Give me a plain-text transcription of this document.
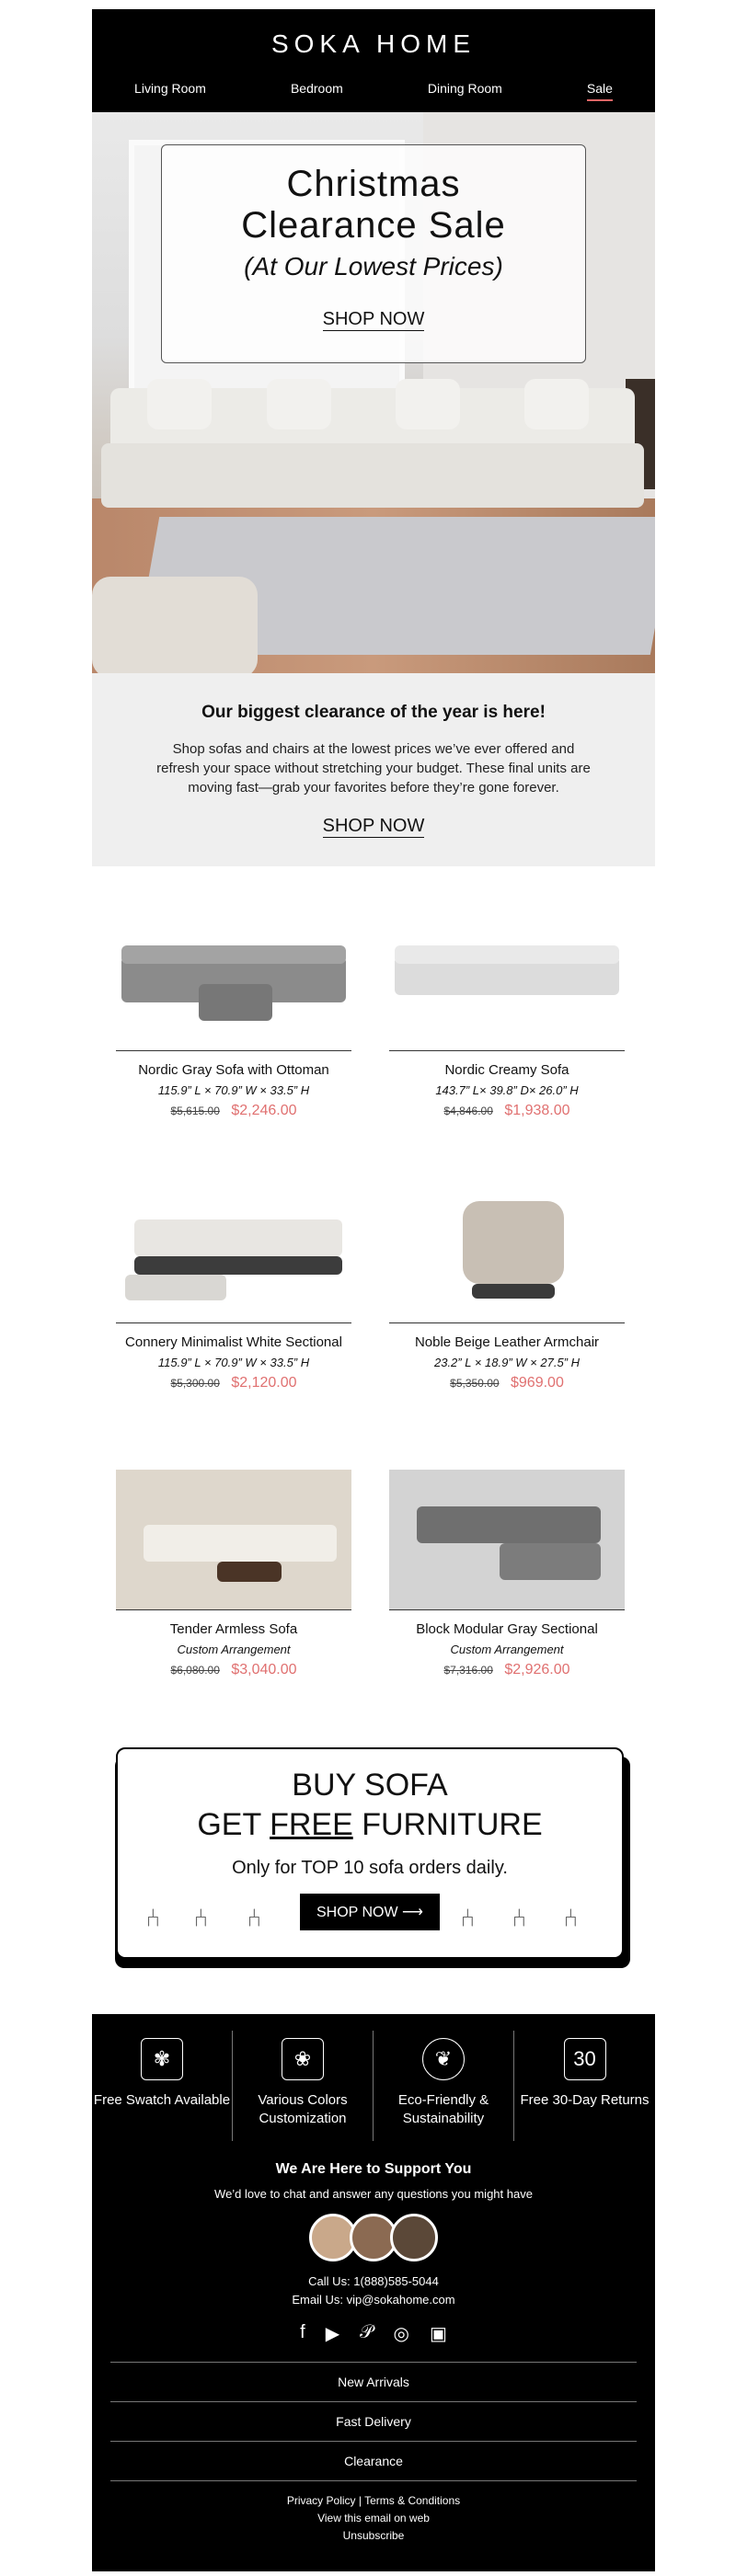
SOKA HOME
Living Room	Bedroom	Dining Room	Sale
Christmas
Clearance Sale
(At Our Lowest Prices)
SHOP NOW
Our biggest clearance of the year is here!

Shop sofas and chairs at the lowest prices we’ve ever offered and refresh your space without stretching your budget. These final units are moving fast—grab your favorites before they’re gone forever.

SHOP NOW
Nordic Gray Sofa with Ottoman
115.9” L × 70.9” W × 33.5” H
$5,615.00 $2,246.00
Nordic Creamy Sofa
143.7” L× 39.8” D× 26.0” H
$4,846.00 $1,938.00
Connery Minimalist White Sectional
115.9” L × 70.9” W × 33.5” H
$5,300.00 $2,120.00
Noble Beige Leather Armchair
23.2” L × 18.9” W × 27.5” H
$5,350.00 $969.00
Tender Armless Sofa
Custom Arrangement
$6,080.00 $3,040.00
Block Modular Gray Sectional
Custom Arrangement
$7,316.00 $2,926.00
BUY SOFA
GET FREE FURNITURE
Only for TOP 10 sofa orders daily.
SHOP NOW ⟶
⑃ ⑃ ⑃	⑃ ⑃ ⑃
✾
Free Swatch Available
❀
Various Colors Customization
❦
Eco-Friendly & Sustainability
30
Free 30-Day Returns
We Are Here to Support You

We’d love to chat and answer any questions you might have

Call Us: 1(888)585-5044
Email Us: vip@sokahome.com
f ▶ 𝒫 ◎ ▣
New Arrivals
Fast Delivery
Clearance
Privacy Policy | Terms & Conditions
View this email on web
Unsubscribe
